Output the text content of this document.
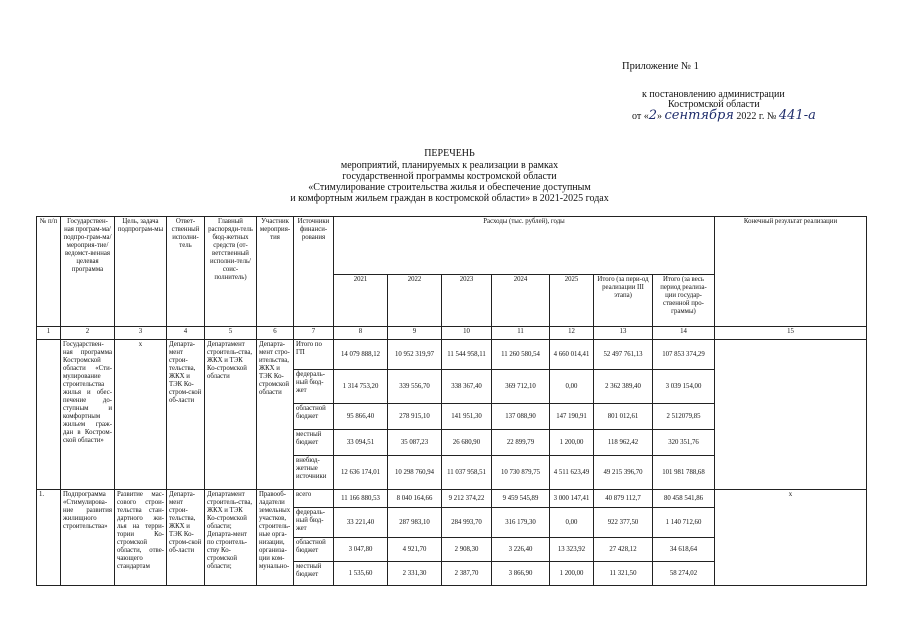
Приложение № 1
к постановлению администрации
Костромской области
от «2» сентября 2022 г. № 441-а
ПЕРЕЧЕНЬ
мероприятий, планируемых к реализации в рамках
государственной программы костромской области
«Стимулирование строительства жилья и обеспечение доступным
и комфортным жильем граждан в костромской области» в 2021-2025 годах
№ п/п	Государствен-ная програм-ма/подпро-грам-ма/мероприя-тие/ведомст-венная целевая программа	Цель, задача подпрограм-мы	Ответ-ственный исполни-тель	Главный распоряди-тель бюд-жетных средств (от-ветственный исполни-тель/соис-полнитель)	Участник мероприя-тия	Источники финанси-рования	Расходы (тыс. рублей), годы							Конечный результат реализации
							2021	2022	2023	2024	2025	Итого (за пери-од реализации III этапа)	Итого (за весь период реализа-ции государ-ственной про-граммы)	
1	2	3	4	5	6	7	8	9	10	11	12	13	14	15
	Государствен-ная программа Костромской области «Сти-мулирование строительства жилья и обес-печение до-ступным и комфортным жильем граж-дан в Костром-ской области»	х	Департа-мент строи-тельства, ЖКХ и ТЭК Ко-стром-ской об-ласти	Департамент строитель-ства, ЖКХ и ТЭК Ко-стромской области	Департа-мент стро-ительства, ЖКХ и ТЭК Ко-стромской области	Итого по ГП	14 079 888,12	10 952 319,97	11 544 958,11	11 260 580,54	4 660 014,41	52 497 761,13	107 853 374,29	
						федераль-ный бюд-жет	1 314 753,20	339 556,70	338 367,40	369 712,10	0,00	2 362 389,40	3 039 154,00	
						областной бюджет	95 866,40	278 915,10	141 951,30	137 088,90	147 190,91	801 012,61	2 512079,85	
						местный бюджет	33 094,51	35 087,23	26 680,90	22 899,79	1 200,00	118 962,42	320 351,76	
						внебюд-жетные источники	12 636 174,01	10 298 760,94	11 037 958,51	10 730 879,75	4 511 623,49	49 215 396,70	101 981 788,68	
1.	Подпрограмма «Стимулирова-ние развития жилищного строительства»	Развитие мас-сового строи-тельства стан-дартного жи-лья на терри-тории Ко-стромской области, отве-чающего стандартам	Департа-мент строи-тельства, ЖКХ и ТЭК Ко-стром-ской об-ласти	Департамент строитель-ства, ЖКХ и ТЭК Ко-стромской области; Департа-мент по строитель-ству Ко-стромской области;	Правооб-ладатели земельных участков, строитель-ные орга-низации, организа-ции ком-мунально-	всего	11 166 880,53	8 040 164,66	9 212 374,22	9 459 545,89	3 000 147,41	40 879 112,7	80 458 541,86	х
						федераль-ный бюд-жет	33 221,40	287 983,10	284 993,70	316 179,30	0,00	922 377,50	1 140 712,60	
						областной бюджет	3 047,80	4 921,70	2 908,30	3 226,40	13 323,92	27 428,12	34 618,64	
						местный бюджет	1 535,60	2 331,30	2 387,70	3 866,90	1 200,00	11 321,50	58 274,02	
